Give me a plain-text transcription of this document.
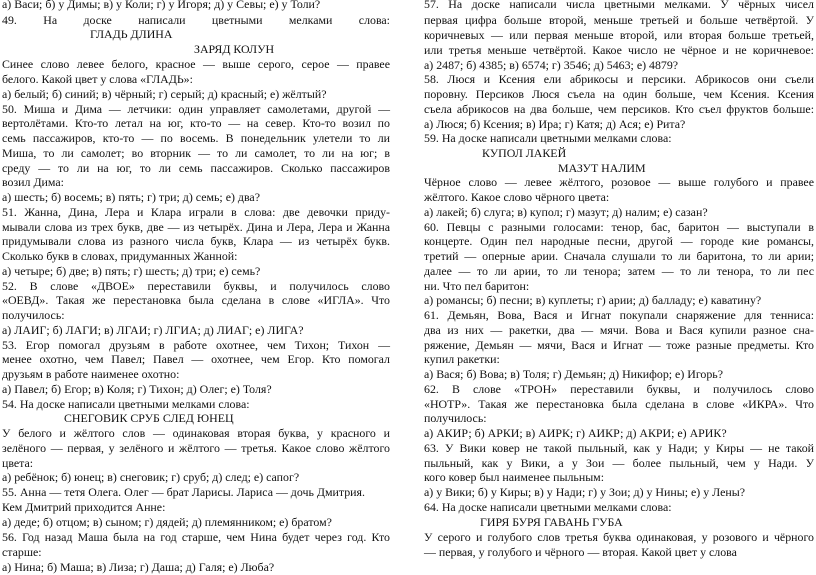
а) Васи; б) у Димы; в) у Коли; г) у Игоря; д) у Севы; е) у Толи?
49. На доске написали цветными мелками слова:
ГЛАДЬ ДЛИНА
ЗАРЯД КОЛУН
Синее слово левее белого, красное — выше серого, серое — правее
белого. Какой цвет у слова «ГЛАДЬ»:
а) белый; б) синий; в) чёрный; г) серый; д) красный; е) жёлтый?
50. Миша и Дима — летчики: один управляет самолетами, другой —
вертолётами. Кто-то летал на юг, кто-то — на север. Кто-то возил по
семь пассажиров, кто-то — по восемь. В понедельник улетели то ли
Миша, то ли самолет; во вторник — то ли самолет, то ли на юг; в
среду — то ли на юг, то ли семь пассажиров. Сколько пассажиров
возил Дима:
а) шесть; б) восемь; в) пять; г) три; д) семь; е) два?
51. Жанна, Дина, Лера и Клара играли в слова: две девочки приду-
мывали слова из трех букв, две — из четырёх. Дина и Лера, Лера и Жанна
придумывали слова из разного числа букв, Клара — из четырёх букв.
Сколько букв в словах, придуманных Жанной:
а) четыре; б) две; в) пять; г) шесть; д) три; е) семь?
52. В слове «ДВОЕ» переставили буквы, и получилось слово
«ОЕВД». Такая же перестановка была сделана в слове «ИГЛА». Что
получилось:
а) ЛАИГ; б) ЛАГИ; в) ЛГАИ; г) ЛГИА; д) ЛИАГ; е) ЛИГА?
53. Егор помогал друзьям в работе охотнее, чем Тихон; Тихон —
менее охотно, чем Павел; Павел — охотнее, чем Егор. Кто помогал
друзьям в работе наименее охотно:
а) Павел; б) Егор; в) Коля; г) Тихон; д) Олег; е) Толя?
54. На доске написали цветными мелками слова:
СНЕГОВИК СРУБ СЛЕД ЮНЕЦ
У белого и жёлтого слов — одинаковая вторая буква, у красного и
зелёного — первая, у зелёного и жёлтого — третья. Какое слово жёлтого
цвета:
а) ребёнок; б) юнец; в) снеговик; г) сруб; д) след; е) сапог?
55. Анна — тетя Олега. Олег — брат Ларисы. Лариса — дочь Дмитрия.
Кем Дмитрий приходится Анне:
а) деде; б) отцом; в) сыном; г) дядей; д) племянником; е) братом?
56. Год назад Маша была на год старше, чем Нина будет через год. Кто
старше:
а) Нина; б) Маша; в) Лиза; г) Даша; д) Галя; е) Люба?
57. На доске написали числа цветными мелками. У чёрных чисел
первая цифра больше второй, меньше третьей и больше четвёртой. У
коричневых — или первая меньше второй, или вторая больше третьей,
или третья меньше четвёртой. Какое число не чёрное и не коричневое:
а) 2487; б) 4385; в) 6574; г) 3546; д) 5463; е) 4879?
58. Люся и Ксения ели абрикосы и персики. Абрикосов они съели
поровну. Персиков Люся съела на один больше, чем Ксения. Ксения
съела абрикосов на два больше, чем персиков. Кто съел фруктов больше:
а) Люся; б) Ксения; в) Ира; г) Катя; д) Ася; е) Рита?
59. На доске написали цветными мелками слова:
КУПОЛ ЛАКЕЙ
МАЗУТ НАЛИМ
Чёрное слово — левее жёлтого, розовое — выше голубого и правее
жёлтого. Какое слово чёрного цвета:
а) лакей; б) слуга; в) купол; г) мазут; д) налим; е) сазан?
60. Певцы с разными голосами: тенор, бас, баритон — выступали в
концерте. Один пел народные песни, другой — городе кие романсы,
третий — оперные арии. Сначала слушали то ли баритона, то ли арии;
далее — то ли арии, то ли тенора; затем — то ли тенора, то ли пес
ни. Что пел баритон:
а) романсы; б) песни; в) куплеты; г) арии; д) балладу; е) каватину?
61. Демьян, Вова, Вася и Игнат покупали снаряжение для тенниса:
два из них — ракетки, два — мячи. Вова и Вася купили разное сна-
ряжение, Демьян — мячи, Вася и Игнат — тоже разные предметы. Кто
купил ракетки:
а) Вася; б) Вова; в) Толя; г) Демьян; д) Никифор; е) Игорь?
62. В слове «ТРОН» переставили буквы, и получилось слово
«НОТР». Такая же перестановка была сделана в слове «ИКРА». Что
получилось:
а) АКИР; б) АРКИ; в) АИРК; г) АИКР; д) АКРИ; е) АРИК?
63. У Вики ковер не такой пыльный, как у Нади; у Киры — не такой
пыльный, как у Вики, а у Зои — более пыльный, чем у Нади. У
кого ковер был наименее пыльным:
а) у Вики; б) у Киры; в) у Нади; г) у Зои; д) у Нины; е) у Лены?
64. На доске написали цветными мелками слова:
ГИРЯ БУРЯ ГАВАНЬ ГУБА
У серого и голубого слов третья буква одинаковая, у розового и чёрного
— первая, у голубого и чёрного — вторая. Какой цвет у слова
